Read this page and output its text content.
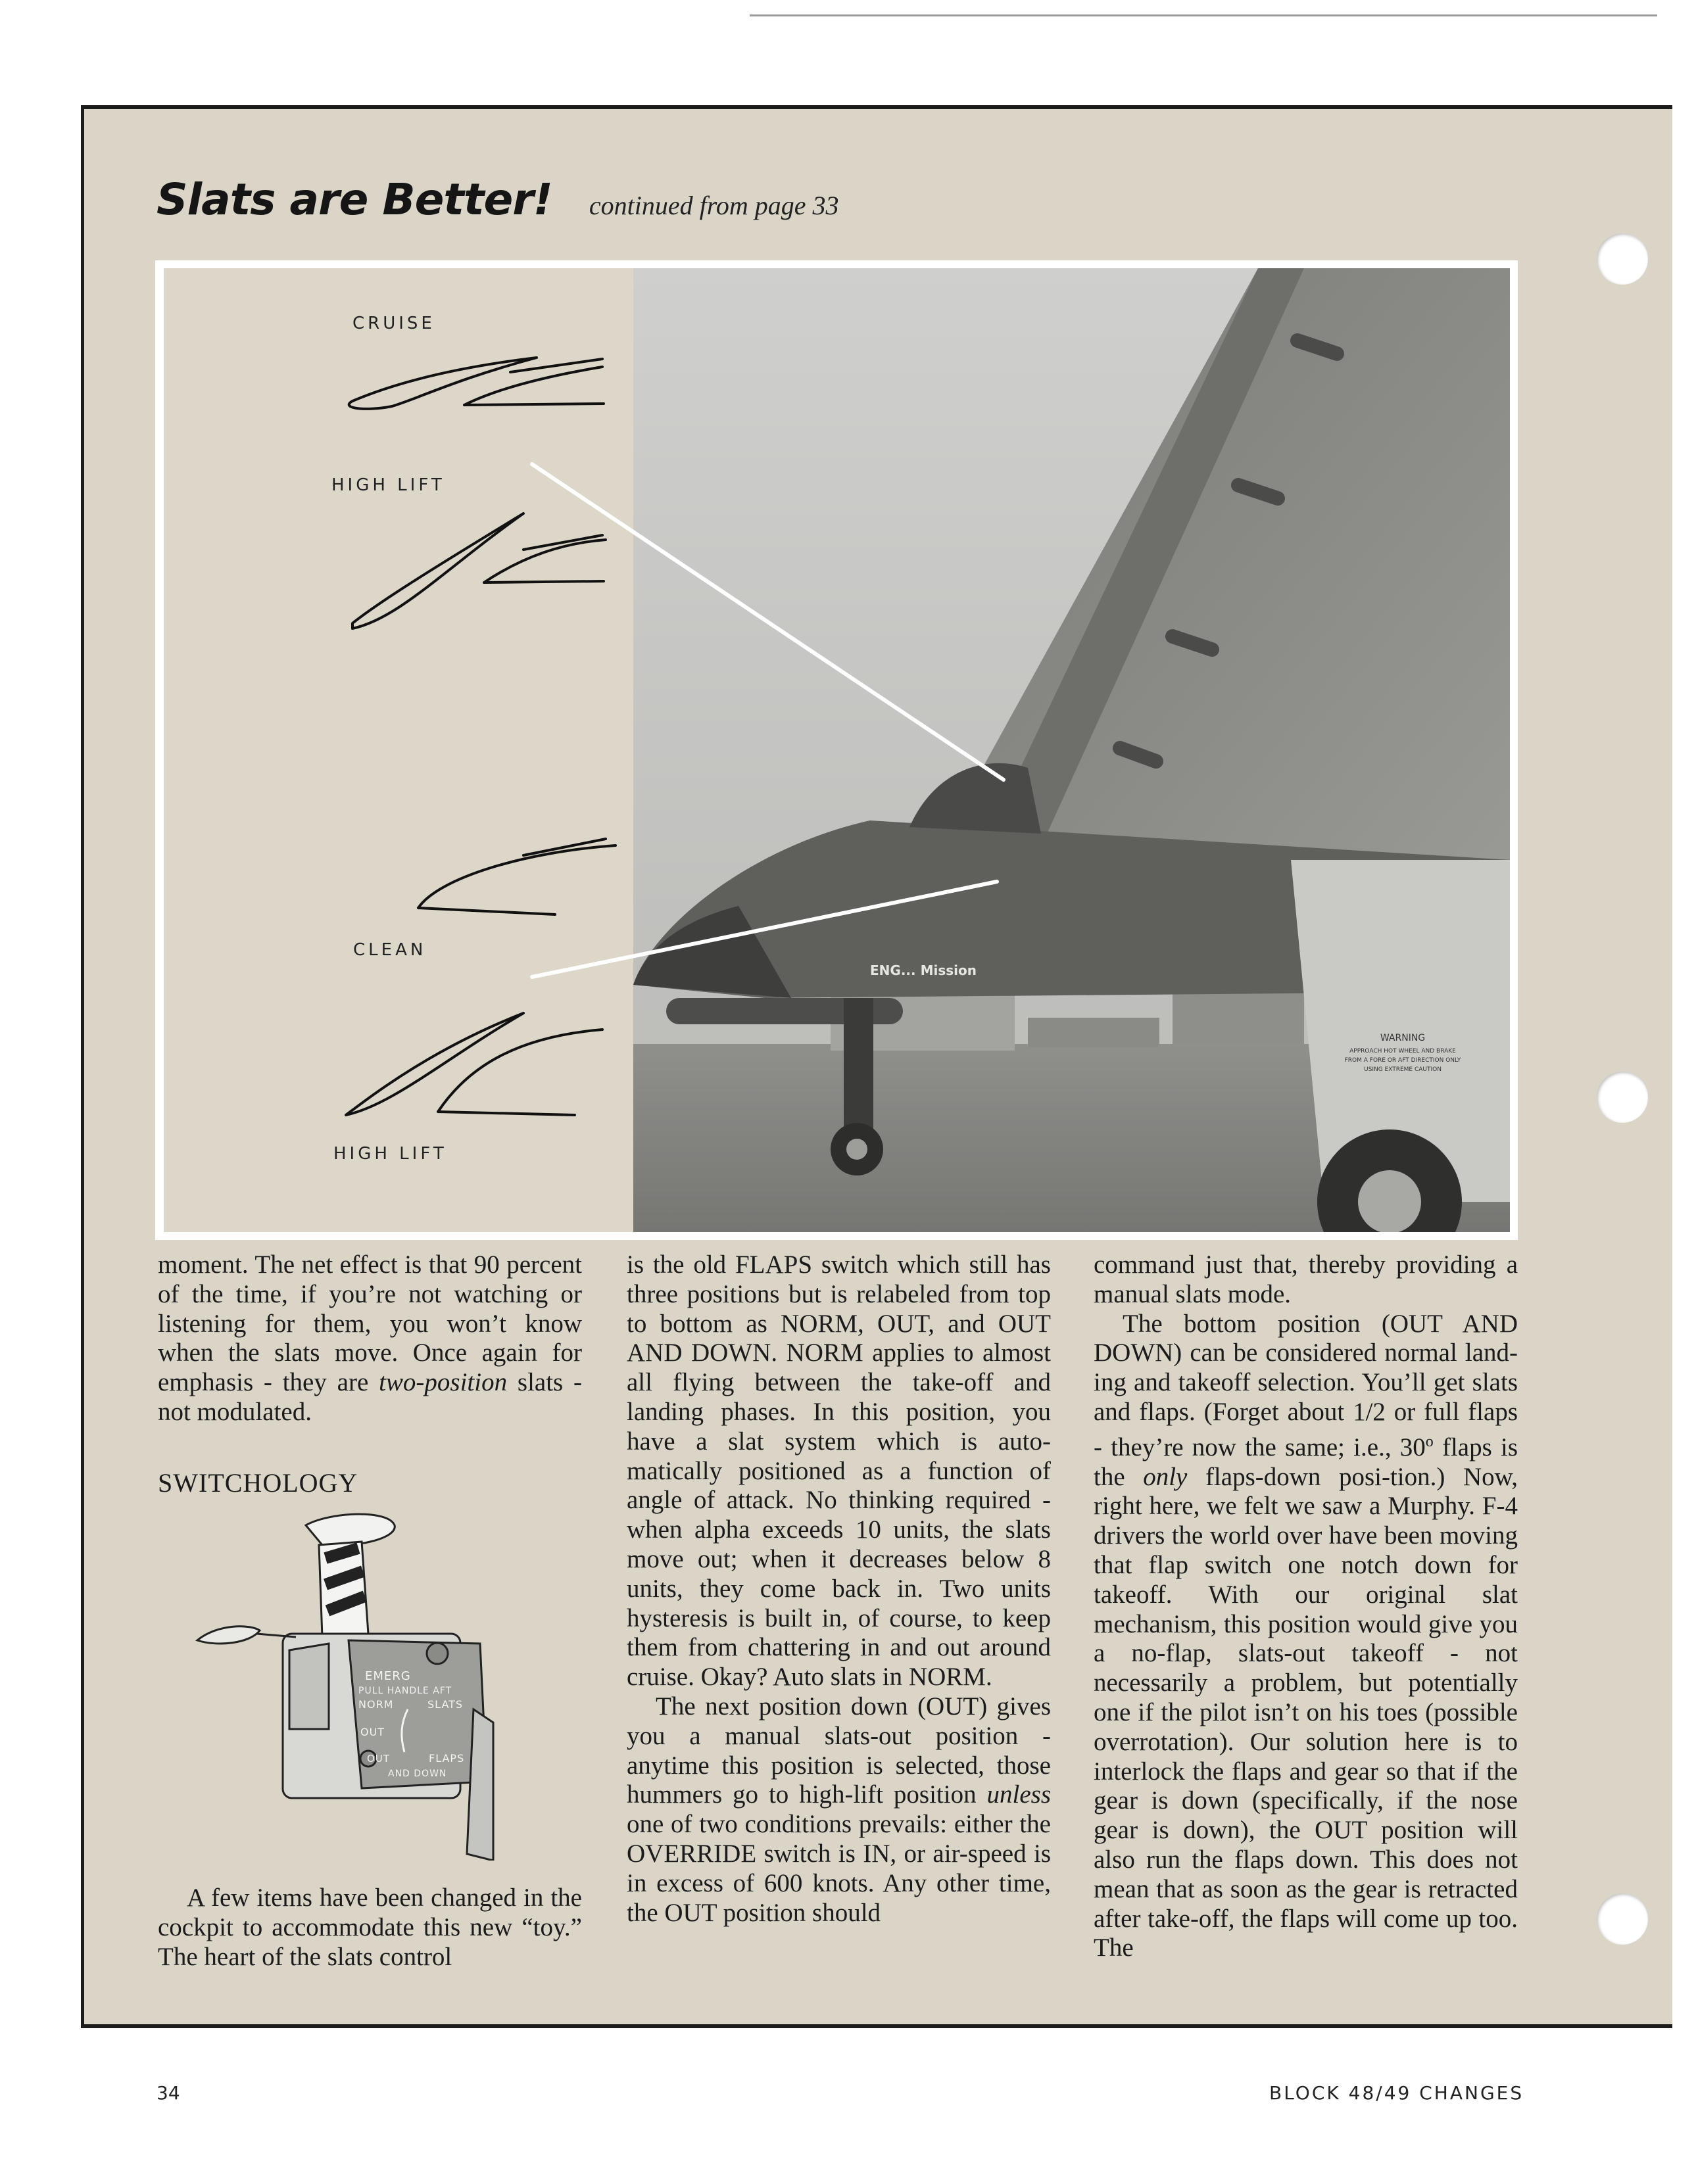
Slats are Better! continued from page 33
WARNING
APPROACH HOT WHEEL AND BRAKE
FROM A FORE OR AFT DIRECTION ONLY
USING EXTREME CAUTION
ENG... Mission
CRUISE
HIGH LIFT
CLEAN
HIGH LIFT

moment. The net effect is that 90 percent of the time, if you’re not watching or listening for them, you won’t know when the slats move. Once again for emphasis - they are two-position slats - not modulated.

SWITCHOLOGY
EMERG
PULL HANDLE AFT
NORM	SLATS
OUT
OUT	FLAPS
AND DOWN

A few items have been changed in the cockpit to accommodate this new “toy.” The heart of the slats control

is the old FLAPS switch which still has three positions but is relabeled from top to bottom as NORM, OUT, and OUT AND DOWN. NORM applies to almost all flying between the take-off and landing phases. In this position, you have a slat system which is auto-matically positioned as a function of angle of attack. No thinking required - when alpha exceeds 10 units, the slats move out; when it decreases below 8 units, they come back in. Two units hysteresis is built in, of course, to keep them from chattering in and out around cruise. Okay? Auto slats in NORM.

The next position down (OUT) gives you a manual slats-out position - anytime this position is selected, those hummers go to high-lift position unless one of two conditions prevails: either the OVERRIDE switch is IN, or air-speed is in excess of 600 knots. Any other time, the OUT position should

command just that, thereby providing a manual slats mode.

The bottom position (OUT AND DOWN) can be considered normal land-ing and takeoff selection. You’ll get slats and flaps. (Forget about 1/2 or full flaps - they’re now the same; i.e., 30$^o$ flaps is the only flaps-down posi-tion.) Now, right here, we felt we saw a Murphy. F-4 drivers the world over have been moving that flap switch one notch down for takeoff. With our original slat mechanism, this position would give you a no-flap, slats-out takeoff - not necessarily a problem, but potentially one if the pilot isn’t on his toes (possible overrotation). Our solution here is to interlock the flaps and gear so that if the gear is down (specifically, if the nose gear is down), the OUT position will also run the flaps down. This does not mean that as soon as the gear is retracted after take-off, the flaps will come up too. The

34	BLOCK 48/49 CHANGES
